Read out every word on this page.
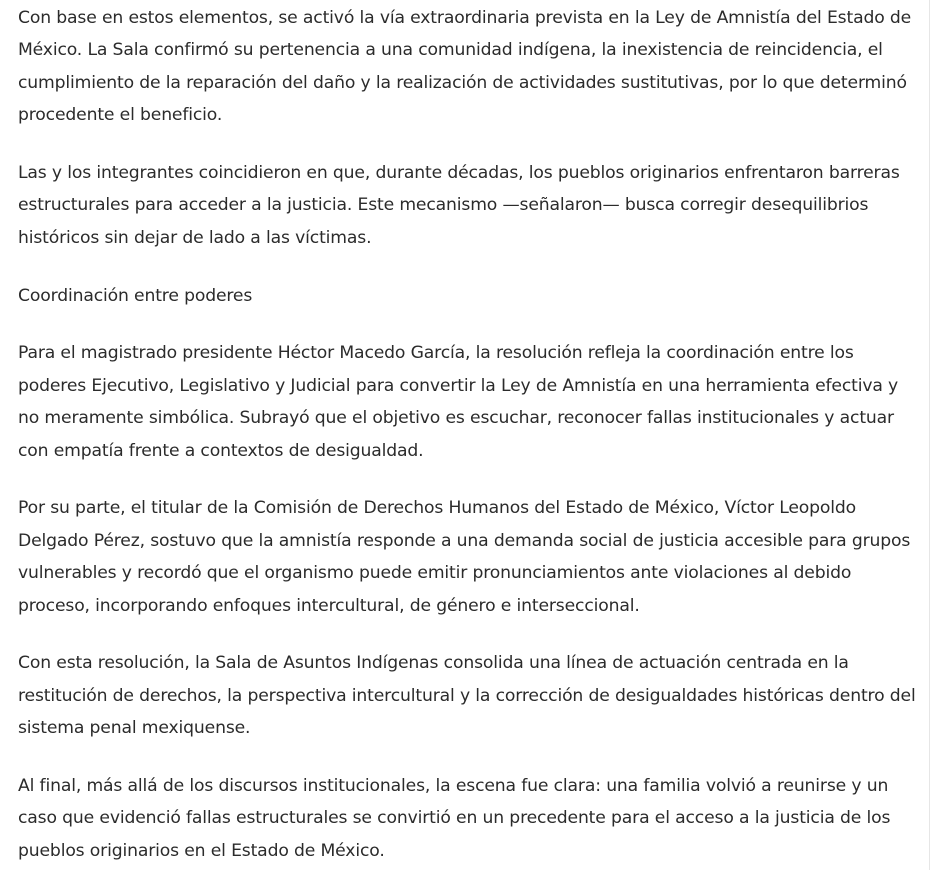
Con base en estos elementos, se activó la vía extraordinaria prevista en la Ley de Amnistía del Estado de México. La Sala confirmó su pertenencia a una comunidad indígena, la inexistencia de reincidencia, el cumplimiento de la reparación del daño y la realización de actividades sustitutivas, por lo que determinó procedente el beneficio.

Las y los integrantes coincidieron en que, durante décadas, los pueblos originarios enfrentaron barreras estructurales para acceder a la justicia. Este mecanismo —señalaron— busca corregir desequilibrios históricos sin dejar de lado a las víctimas.

Coordinación entre poderes

Para el magistrado presidente Héctor Macedo García, la resolución refleja la coordinación entre los poderes Ejecutivo, Legislativo y Judicial para convertir la Ley de Amnistía en una herramienta efectiva y no meramente simbólica. Subrayó que el objetivo es escuchar, reconocer fallas institucionales y actuar con empatía frente a contextos de desigualdad.

Por su parte, el titular de la Comisión de Derechos Humanos del Estado de México, Víctor Leopoldo Delgado Pérez, sostuvo que la amnistía responde a una demanda social de justicia accesible para grupos vulnerables y recordó que el organismo puede emitir pronunciamientos ante violaciones al debido proceso, incorporando enfoques intercultural, de género e interseccional.

Con esta resolución, la Sala de Asuntos Indígenas consolida una línea de actuación centrada en la restitución de derechos, la perspectiva intercultural y la corrección de desigualdades históricas dentro del sistema penal mexiquense.

Al final, más allá de los discursos institucionales, la escena fue clara: una familia volvió a reunirse y un caso que evidenció fallas estructurales se convirtió en un precedente para el acceso a la justicia de los pueblos originarios en el Estado de México.
